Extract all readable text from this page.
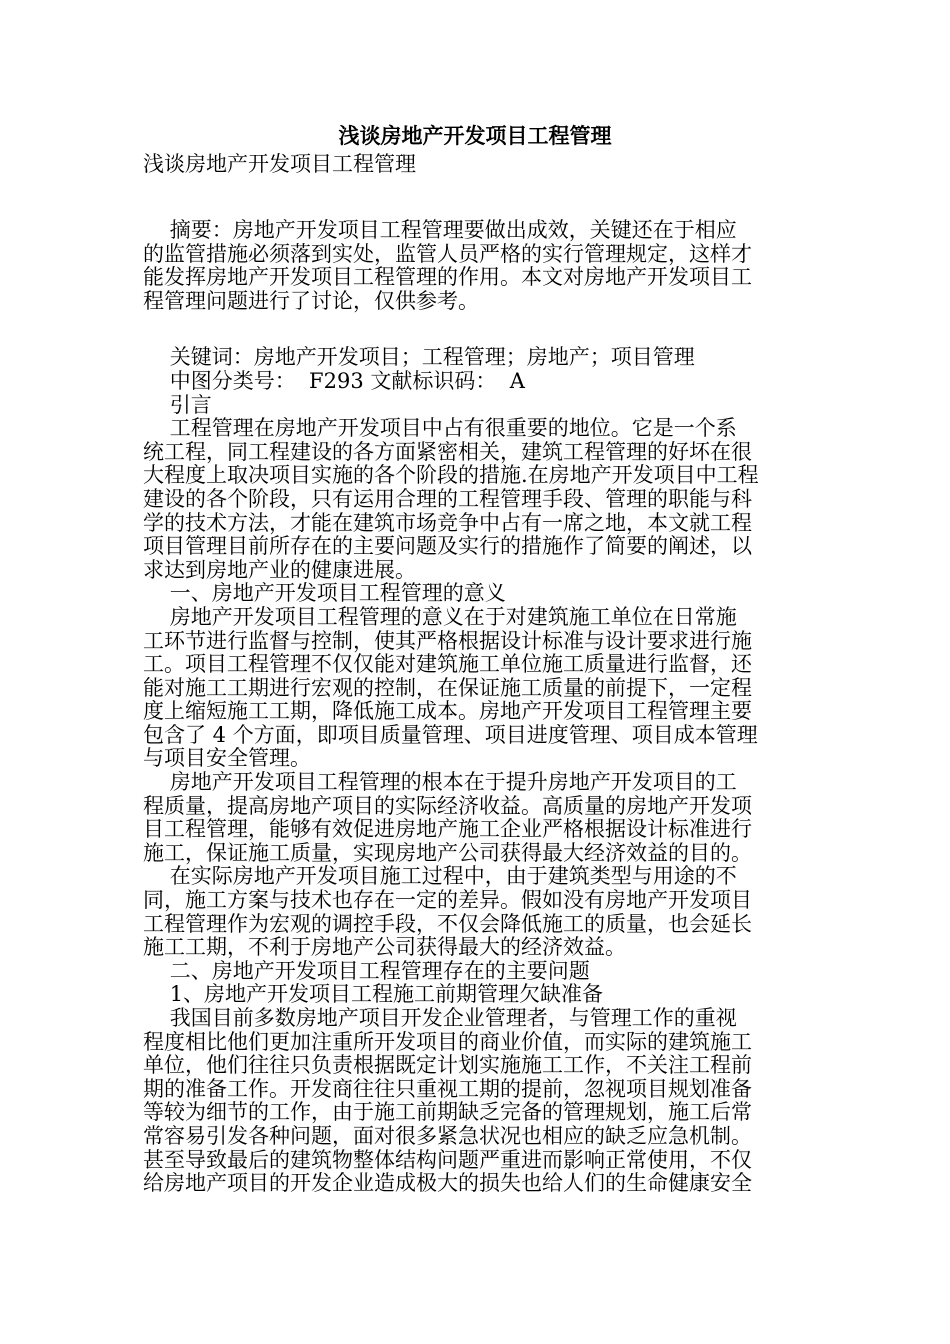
浅谈房地产开发项目工程管理

浅谈房地产开发项目工程管理

摘要：房地产开发项目工程管理要做出成效，关键还在于相应

的监管措施必须落到实处，监管人员严格的实行管理规定，这样才

能发挥房地产开发项目工程管理的作用。本文对房地产开发项目工

程管理问题进行了讨论，仅供参考。

关键词：房地产开发项目；工程管理；房地产；项目管理

中图分类号：  F293 文献标识码：  A

引言

工程管理在房地产开发项目中占有很重要的地位。它是一个系

统工程，同工程建设的各方面紧密相关，建筑工程管理的好坏在很

大程度上取决项目实施的各个阶段的措施.在房地产开发项目中工程

建设的各个阶段，只有运用合理的工程管理手段、管理的职能与科

学的技术方法，才能在建筑市场竞争中占有一席之地，本文就工程

项目管理目前所存在的主要问题及实行的措施作了简要的阐述，以

求达到房地产业的健康进展。

一、房地产开发项目工程管理的意义

房地产开发项目工程管理的意义在于对建筑施工单位在日常施

工环节进行监督与控制，使其严格根据设计标准与设计要求进行施

工。项目工程管理不仅仅能对建筑施工单位施工质量进行监督，还

能对施工工期进行宏观的控制，在保证施工质量的前提下，一定程

度上缩短施工工期，降低施工成本。房地产开发项目工程管理主要

包含了 4 个方面，即项目质量管理、项目进度管理、项目成本管理

与项目安全管理。

房地产开发项目工程管理的根本在于提升房地产开发项目的工

程质量，提高房地产项目的实际经济收益。高质量的房地产开发项

目工程管理，能够有效促进房地产施工企业严格根据设计标准进行

施工，保证施工质量，实现房地产公司获得最大经济效益的目的。

在实际房地产开发项目施工过程中，由于建筑类型与用途的不

同，施工方案与技术也存在一定的差异。假如没有房地产开发项目

工程管理作为宏观的调控手段，不仅会降低施工的质量，也会延长

施工工期，不利于房地产公司获得最大的经济效益。

二、房地产开发项目工程管理存在的主要问题

1、房地产开发项目工程施工前期管理欠缺准备

我国目前多数房地产项目开发企业管理者，与管理工作的重视

程度相比他们更加注重所开发项目的商业价值，而实际的建筑施工

单位，他们往往只负责根据既定计划实施施工工作，不关注工程前

期的准备工作。开发商往往只重视工期的提前，忽视项目规划准备

等较为细节的工作，由于施工前期缺乏完备的管理规划，施工后常

常容易引发各种问题，面对很多紧急状况也相应的缺乏应急机制。

甚至导致最后的建筑物整体结构问题严重进而影响正常使用，不仅

给房地产项目的开发企业造成极大的损失也给人们的生命健康安全
